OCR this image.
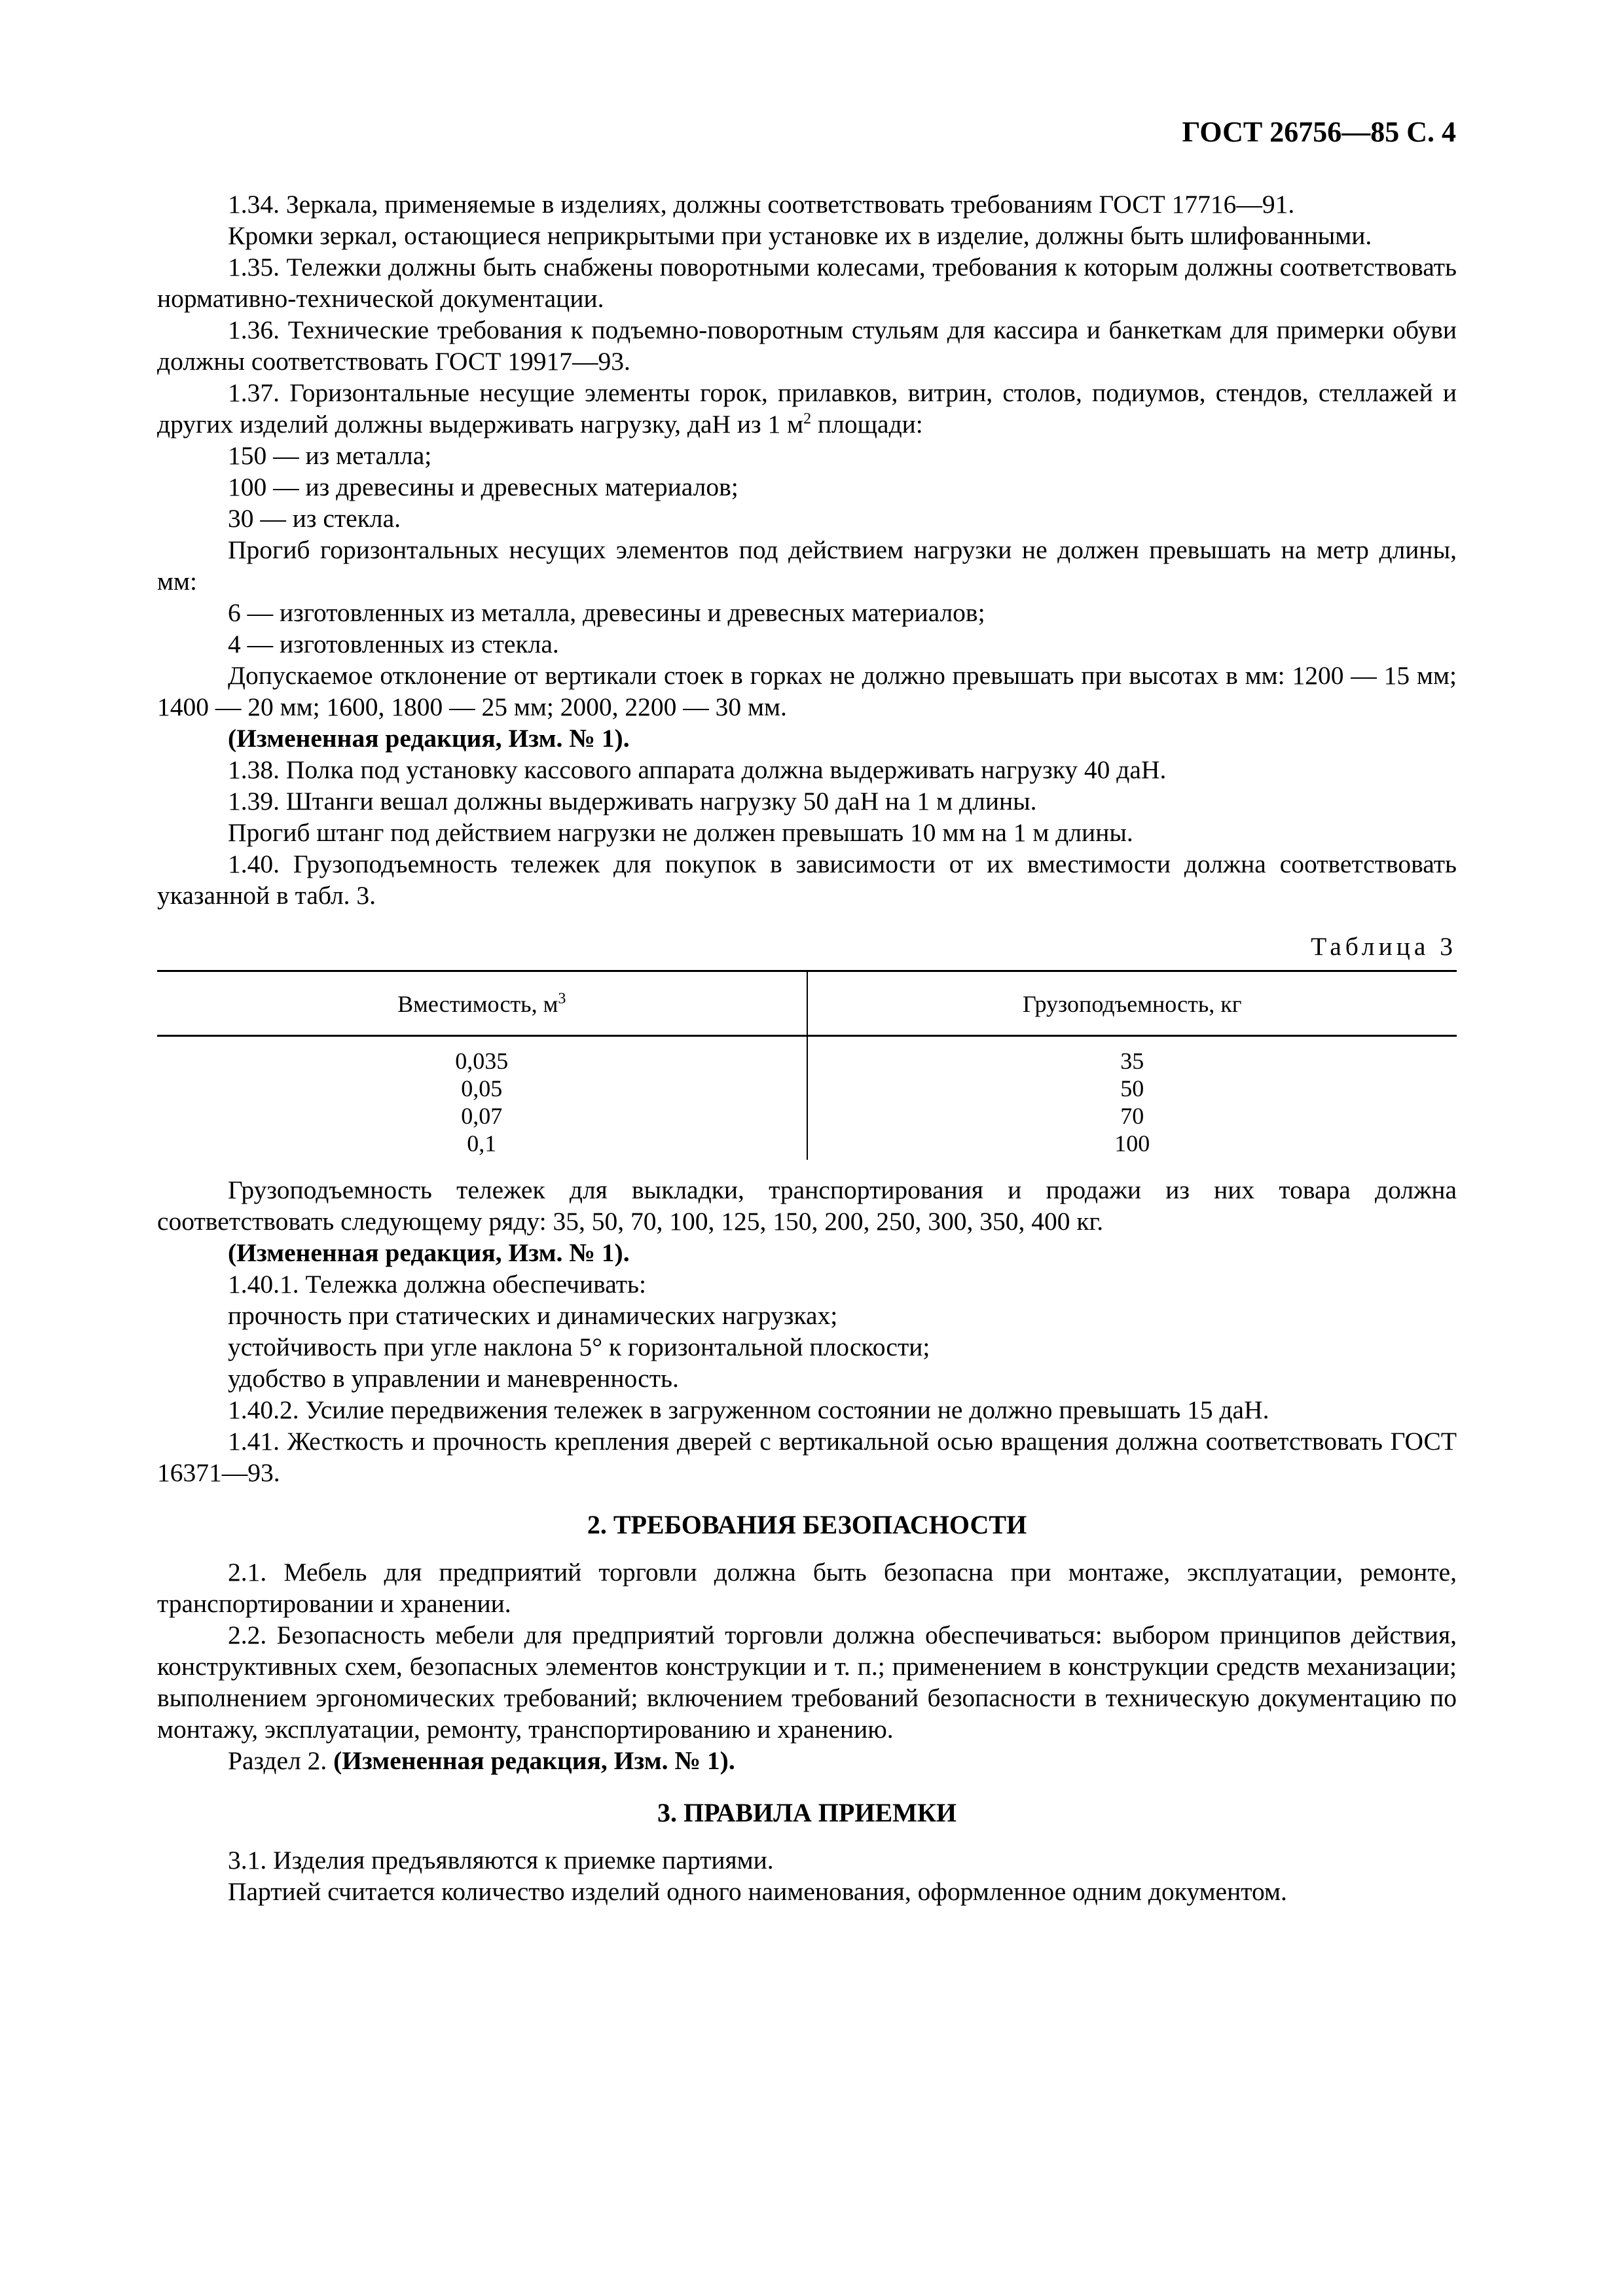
ГОСТ 26756—85 С. 4

1.34. Зеркала, применяемые в изделиях, должны соответствовать требованиям ГОСТ 17716—91.

Кромки зеркал, остающиеся неприкрытыми при установке их в изделие, должны быть шлифованными.

1.35. Тележки должны быть снабжены поворотными колесами, требования к которым должны соответствовать нормативно-технической документации.

1.36. Технические требования к подъемно-поворотным стульям для кассира и банкеткам для примерки обуви должны соответствовать ГОСТ 19917—93.

1.37. Горизонтальные несущие элементы горок, прилавков, витрин, столов, подиумов, стендов, стеллажей и других изделий должны выдерживать нагрузку, даН из 1 $м^2$ площади:

150 — из металла;

100 — из древесины и древесных материалов;

30 — из стекла.

Прогиб горизонтальных несущих элементов под действием нагрузки не должен превышать на метр длины, мм:

6 — изготовленных из металла, древесины и древесных материалов;

4 — изготовленных из стекла.

Допускаемое отклонение от вертикали стоек в горках не должно превышать при высотах в мм: 1200 — 15 мм; 1400 — 20 мм; 1600, 1800 — 25 мм; 2000, 2200 — 30 мм.

(Измененная редакция, Изм. № 1).

1.38. Полка под установку кассового аппарата должна выдерживать нагрузку 40 даН.

1.39. Штанги вешал должны выдерживать нагрузку 50 даН на 1 м длины.

Прогиб штанг под действием нагрузки не должен превышать 10 мм на 1 м длины.

1.40. Грузоподъемность тележек для покупок в зависимости от их вместимости должна соответствовать указанной в табл. 3.

Таблица 3

Вместимость, $м^3$	Грузоподъемность, кг
0,035	35
0,05	50
0,07	70
0,1	100

Грузоподъемность тележек для выкладки, транспортирования и продажи из них товара должна соответствовать следующему ряду: 35, 50, 70, 100, 125, 150, 200, 250, 300, 350, 400 кг.

(Измененная редакция, Изм. № 1).

1.40.1. Тележка должна обеспечивать:

прочность при статических и динамических нагрузках;

устойчивость при угле наклона 5° к горизонтальной плоскости;

удобство в управлении и маневренность.

1.40.2. Усилие передвижения тележек в загруженном состоянии не должно превышать 15 даН.

1.41. Жесткость и прочность крепления дверей с вертикальной осью вращения должна соответствовать ГОСТ 16371—93.

2. ТРЕБОВАНИЯ БЕЗОПАСНОСТИ

2.1. Мебель для предприятий торговли должна быть безопасна при монтаже, эксплуатации, ремонте, транспортировании и хранении.

2.2. Безопасность мебели для предприятий торговли должна обеспечиваться: выбором принципов действия, конструктивных схем, безопасных элементов конструкции и т. п.; применением в конструкции средств механизации; выполнением эргономических требований; включением требований безопасности в техническую документацию по монтажу, эксплуатации, ремонту, транспортированию и хранению.

Раздел 2. (Измененная редакция, Изм. № 1).

3. ПРАВИЛА ПРИЕМКИ

3.1. Изделия предъявляются к приемке партиями.

Партией считается количество изделий одного наименования, оформленное одним документом.
